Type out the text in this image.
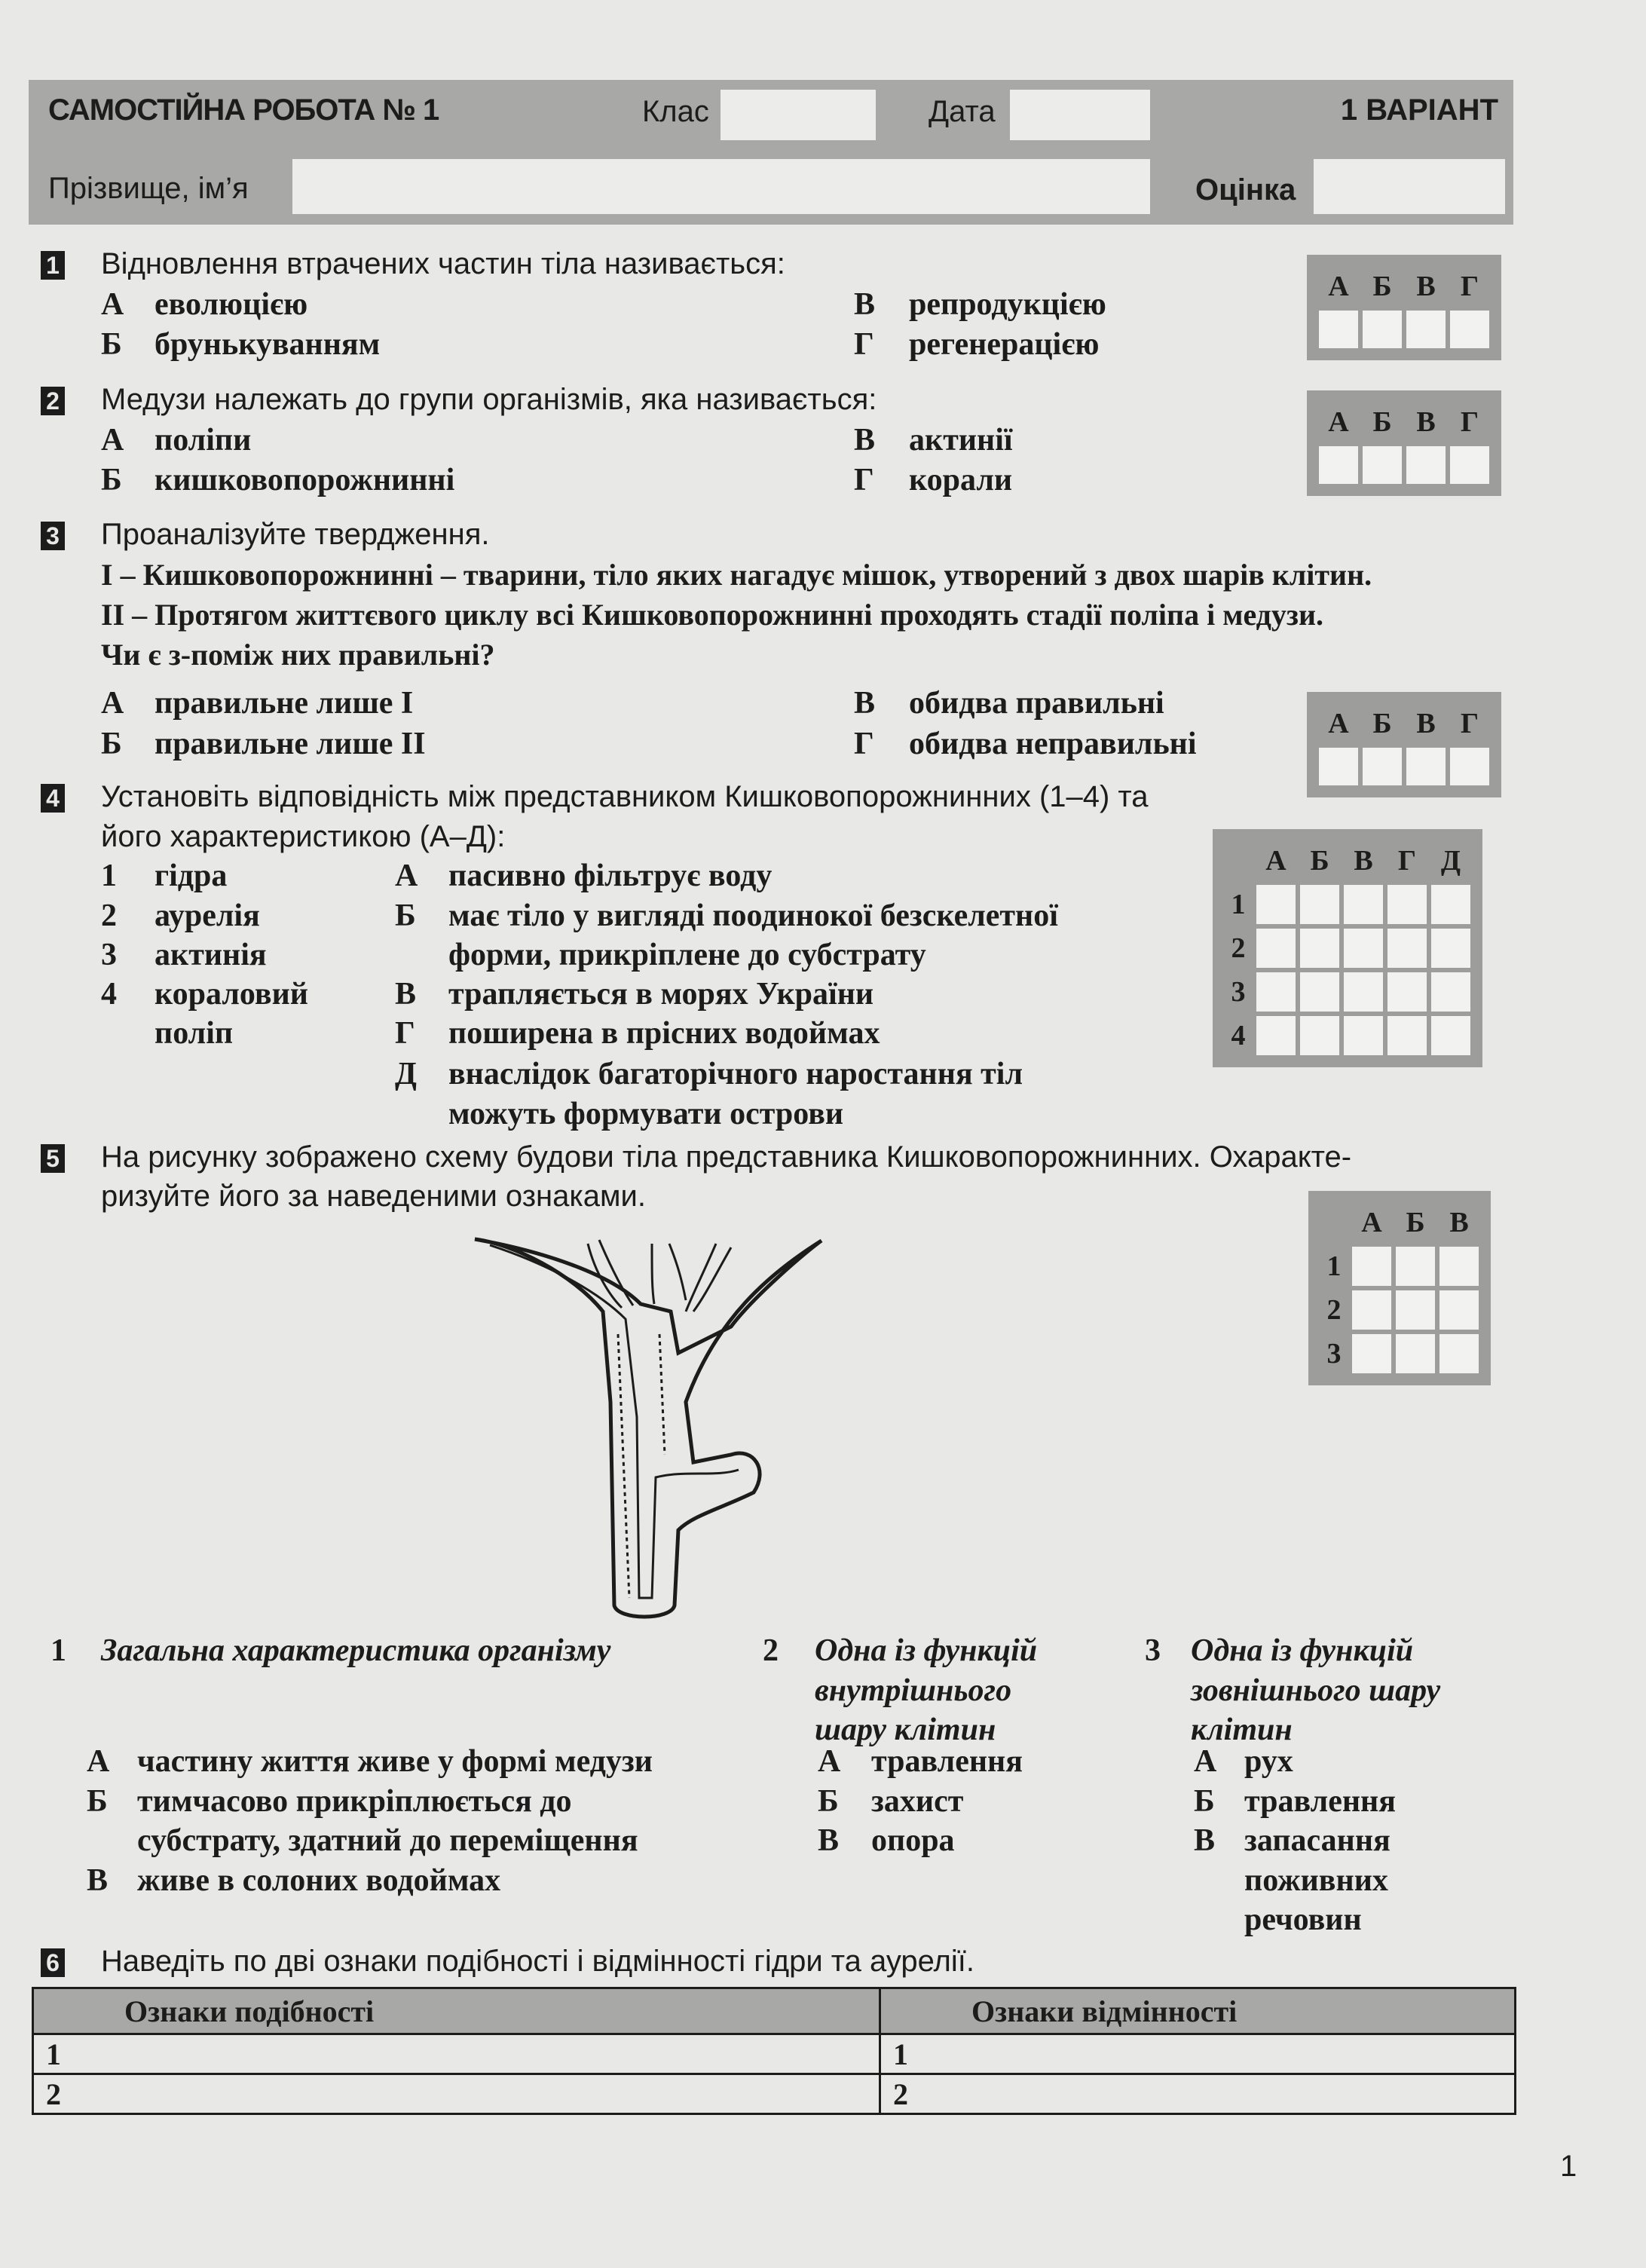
САМОСТІЙНА РОБОТА № 1	Клас	Дата	1 ВАРІАНТ
Прізвище, ім’я	Оцінка
1 Відновлення втрачених частин тіла називається:
А еволюцією
Б брунькуванням
В репродукцією
Г регенерацією
А	Б	В	Г

2 Медузи належать до групи організмів, яка називається:
А поліпи
Б кишковопорожнинні
В актинії
Г корали
А	Б	В	Г

3 Проаналізуйте твердження.
І – Кишковопорожнинні – тварини, тіло яких нагадує мішок, утворений з двох шарів клітин.
ІІ – Протягом життєвого циклу всі Кишковопорожнинні проходять стадії поліпа і медузи.
Чи є з-поміж них правильні?
А правильне лише І
Б правильне лише ІІ
В обидва правильні
Г обидва неправильні
А	Б	В	Г

4 Установіть відповідність між представником Кишковопорожнинних (1–4) та
його характеристикою (А–Д):
1 гідра
2 аурелія
3 актинія
4 кораловий
поліп
А пасивно фільтрує воду
Б має тіло у вигляді поодинокої безскелетної
форми, прикріплене до субстрату
В трапляється в морях України
Г поширена в прісних водоймах
Д внаслідок багаторічного наростання тіл
можуть формувати острови
	А	Б	В	Г	Д
1					
2					
3					
4					
5 На рисунку зображено схему будови тіла представника Кишковопорожнинних. Охаракте-
ризуйте його за наведеними ознаками.
	А	Б	В
1			
2			
3			
1 Загальна характеристика організму
А частину життя живе у формі медузи
Б тимчасово прикріплюється до
субстрату, здатний до переміщення
В живе в солоних водоймах
2 Одна із функцій
внутрішнього
шару клітин
А травлення
Б захист
В опора
3 Одна із функцій
зовнішнього шару
клітин
А рух
Б травлення
В запасання
поживних
речовин
6 Наведіть по дві ознаки подібності і відмінності гідри та аурелії.
Ознаки подібності	Ознаки відмінності
1	1
2	2
1
